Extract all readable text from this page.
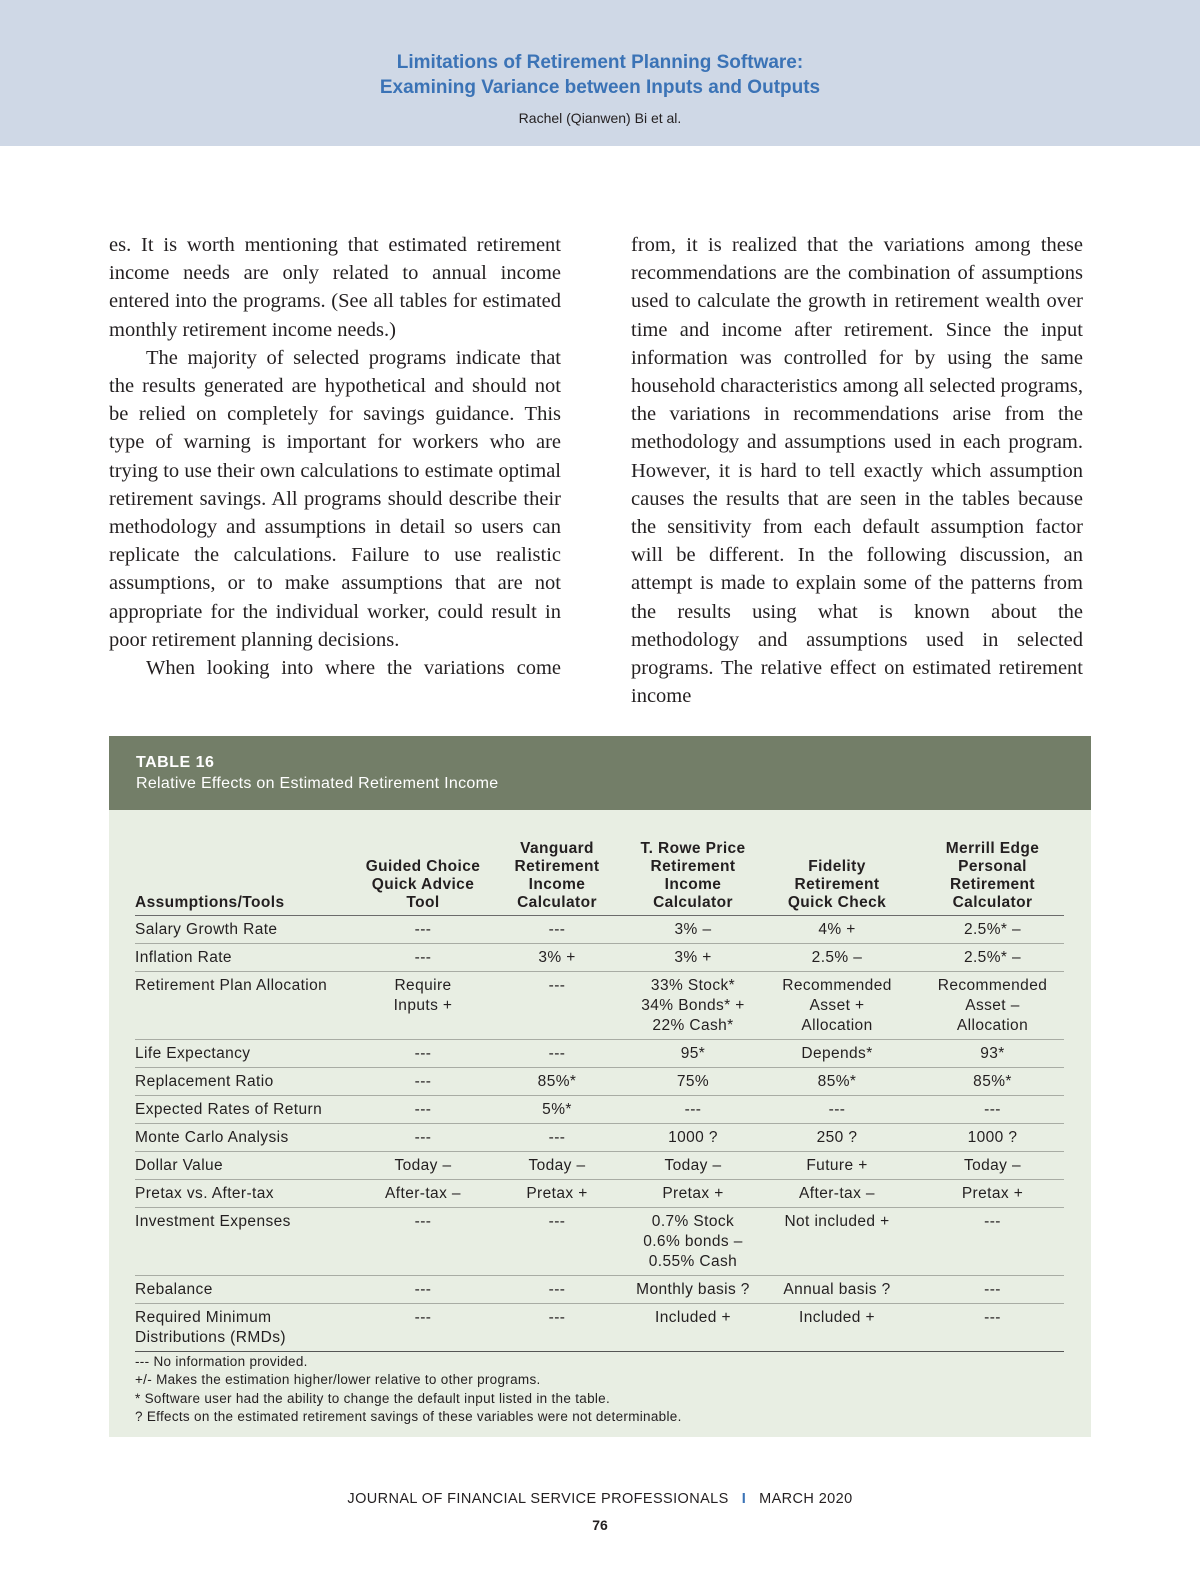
Limitations of Retirement Planning Software:
Examining Variance between Inputs and Outputs
Rachel (Qianwen) Bi et al.

es. It is worth mentioning that estimated retirement income needs are only related to annual income entered into the programs. (See all tables for estimated monthly retirement income needs.)

The majority of selected programs indicate that the results generated are hypothetical and should not be relied on completely for savings guidance. This type of warning is important for workers who are trying to use their own calculations to estimate optimal retirement savings. All programs should describe their methodology and assumptions in detail so users can replicate the calculations. Failure to use realistic assumptions, or to make assumptions that are not appropriate for the individual worker, could result in poor retirement planning decisions.

When looking into where the variations come

from, it is realized that the variations among these recommendations are the combination of assumptions used to calculate the growth in retirement wealth over time and income after retirement. Since the input information was controlled for by using the same household characteristics among all selected programs, the variations in recommendations arise from the methodology and assumptions used in each program. However, it is hard to tell exactly which assumption causes the results that are seen in the tables because the sensitivity from each default assumption factor will be different. In the following discussion, an attempt is made to explain some of the patterns from the results using what is known about the methodology and assumptions used in selected programs. The relative effect on estimated retirement income

TABLE 16
Relative Effects on Estimated Retirement Income
Assumptions/Tools	Guided Choice
Quick Advice
Tool	Vanguard
Retirement
Income
Calculator	T. Rowe Price
Retirement
Income
Calculator	Fidelity
Retirement
Quick Check	Merrill Edge
Personal
Retirement
Calculator
Salary Growth Rate	---	---	3% –	4% +	2.5%* –
Inflation Rate	---	3% +	3% +	2.5% –	2.5%* –
Retirement Plan Allocation	Require
Inputs +	---	33% Stock*
34% Bonds* +
22% Cash*	Recommended
Asset +
Allocation	Recommended
Asset –
Allocation
Life Expectancy	---	---	95*	Depends*	93*
Replacement Ratio	---	85%*	75%	85%*	85%*
Expected Rates of Return	---	5%*	---	---	---
Monte Carlo Analysis	---	---	1000 ?	250 ?	1000 ?
Dollar Value	Today –	Today –	Today –	Future +	Today –
Pretax vs. After-tax	After-tax –	Pretax +	Pretax +	After-tax –	Pretax +
Investment Expenses	---	---	0.7% Stock
0.6% bonds –
0.55% Cash	Not included +	---
Rebalance	---	---	Monthly basis ?	Annual basis ?	---
Required Minimum
Distributions (RMDs)	---	---	Included +	Included +	---
--- No information provided.
+/- Makes the estimation higher/lower relative to other programs.
* Software user had the ability to change the default input listed in the table.
? Effects on the estimated retirement savings of these variables were not determinable.
JOURNAL OF FINANCIAL SERVICE PROFESSIONALS I MARCH 2020
76
